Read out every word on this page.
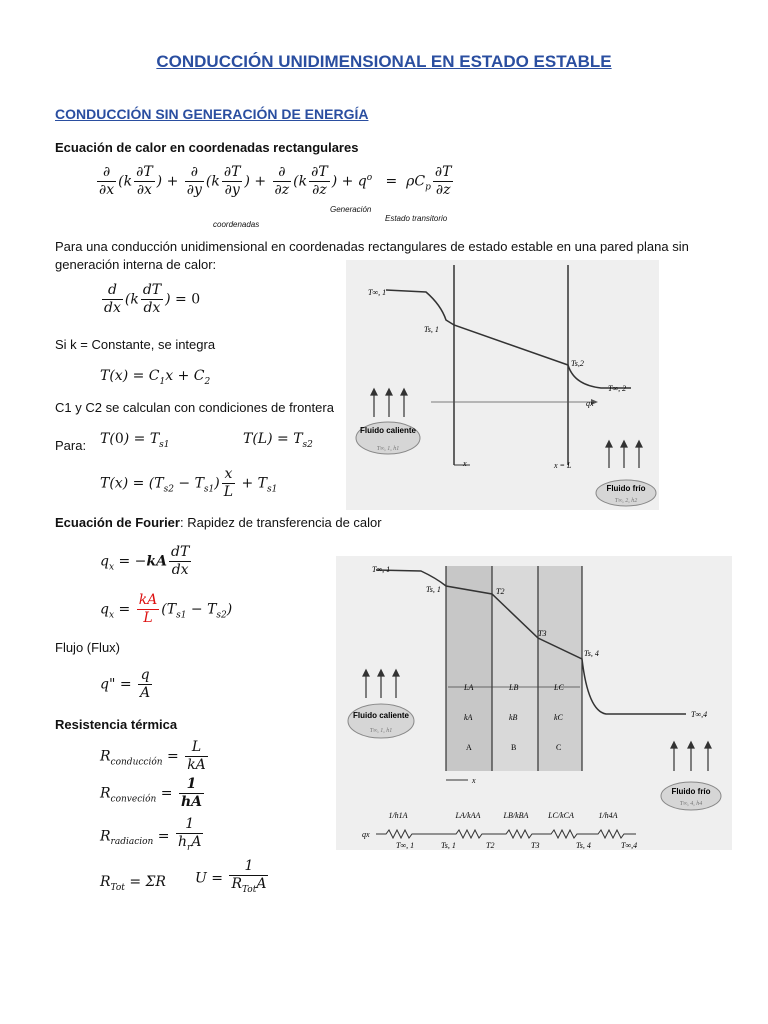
CONDUCCIÓN UNIDIMENSIONAL EN ESTADO ESTABLE
CONDUCCIÓN SIN GENERACIÓN DE ENERGÍA
Ecuación de calor en coordenadas rectangulares
$\frac{\partial}{\partial x} (k \frac{\partial T}{\partial x}$ ) + $\frac{\partial}{\partial y} (k \frac{\partial T}{\partial y}$ ) + $\frac{\partial}{\partial z} (k \frac{\partial T}{\partial z}$ ) + $q^o = \rho C_p \frac{\partial T}{\partial z}$
coordenadas
Generación
Estado transitorio
Para una conducción unidimensional en coordenadas rectangulares de estado estable en una pared plana sin generación interna de calor:
$\frac{d}{dx} (k \frac{dT}{dx}$ ) = 0
Si k = Constante, se integra
$T(x) = C_1x + C_2$
C1 y C2 se calculan con condiciones de frontera
Para: $T(0) = T_{s1}$	$T(L) = T_{s2}$
$T(x) = (T_{s2} - T_{s1}) \frac{x}{L} + T_{s1}$
Ecuación de Fourier: Rapidez de transferencia de calor
$q_x = -kA \frac{dT}{dx}$
$q_x = \frac{kA}{L} (T_{s1} - T_{s2})$
Flujo (Flux)
q" = $\frac{q}{A}$
Resistencia térmica
$R_{conducción} = \frac{L}{kA}$
$R_{conveción} = \frac{1}{hA}$
$R_{radiacion} = \frac{1}{h_rA}$
$R_{Tot} = \Sigma R$ $U = \frac{1}{R_{Tot}A}$
T∞, 1
Ts, 1
Ts,2
T∞, 2
qx
x	x = L
Fluido caliente
T∞, 1, h1
Fluido frío
T∞, 2, h2
T∞, 1
Ts, 1	T2
T3
Ts, 4
T∞,4
LA	LB	LC
kA	kB	kC
A	B	C
x
Fluido caliente
T∞, 1, h1
Fluido frío
T∞, 4, h4
1/h1A	LA/kAA	LB/kBA LC/kCA	1/h4A
qx
T∞, 1	Ts, 1	T2	T3	Ts, 4	T∞,4
